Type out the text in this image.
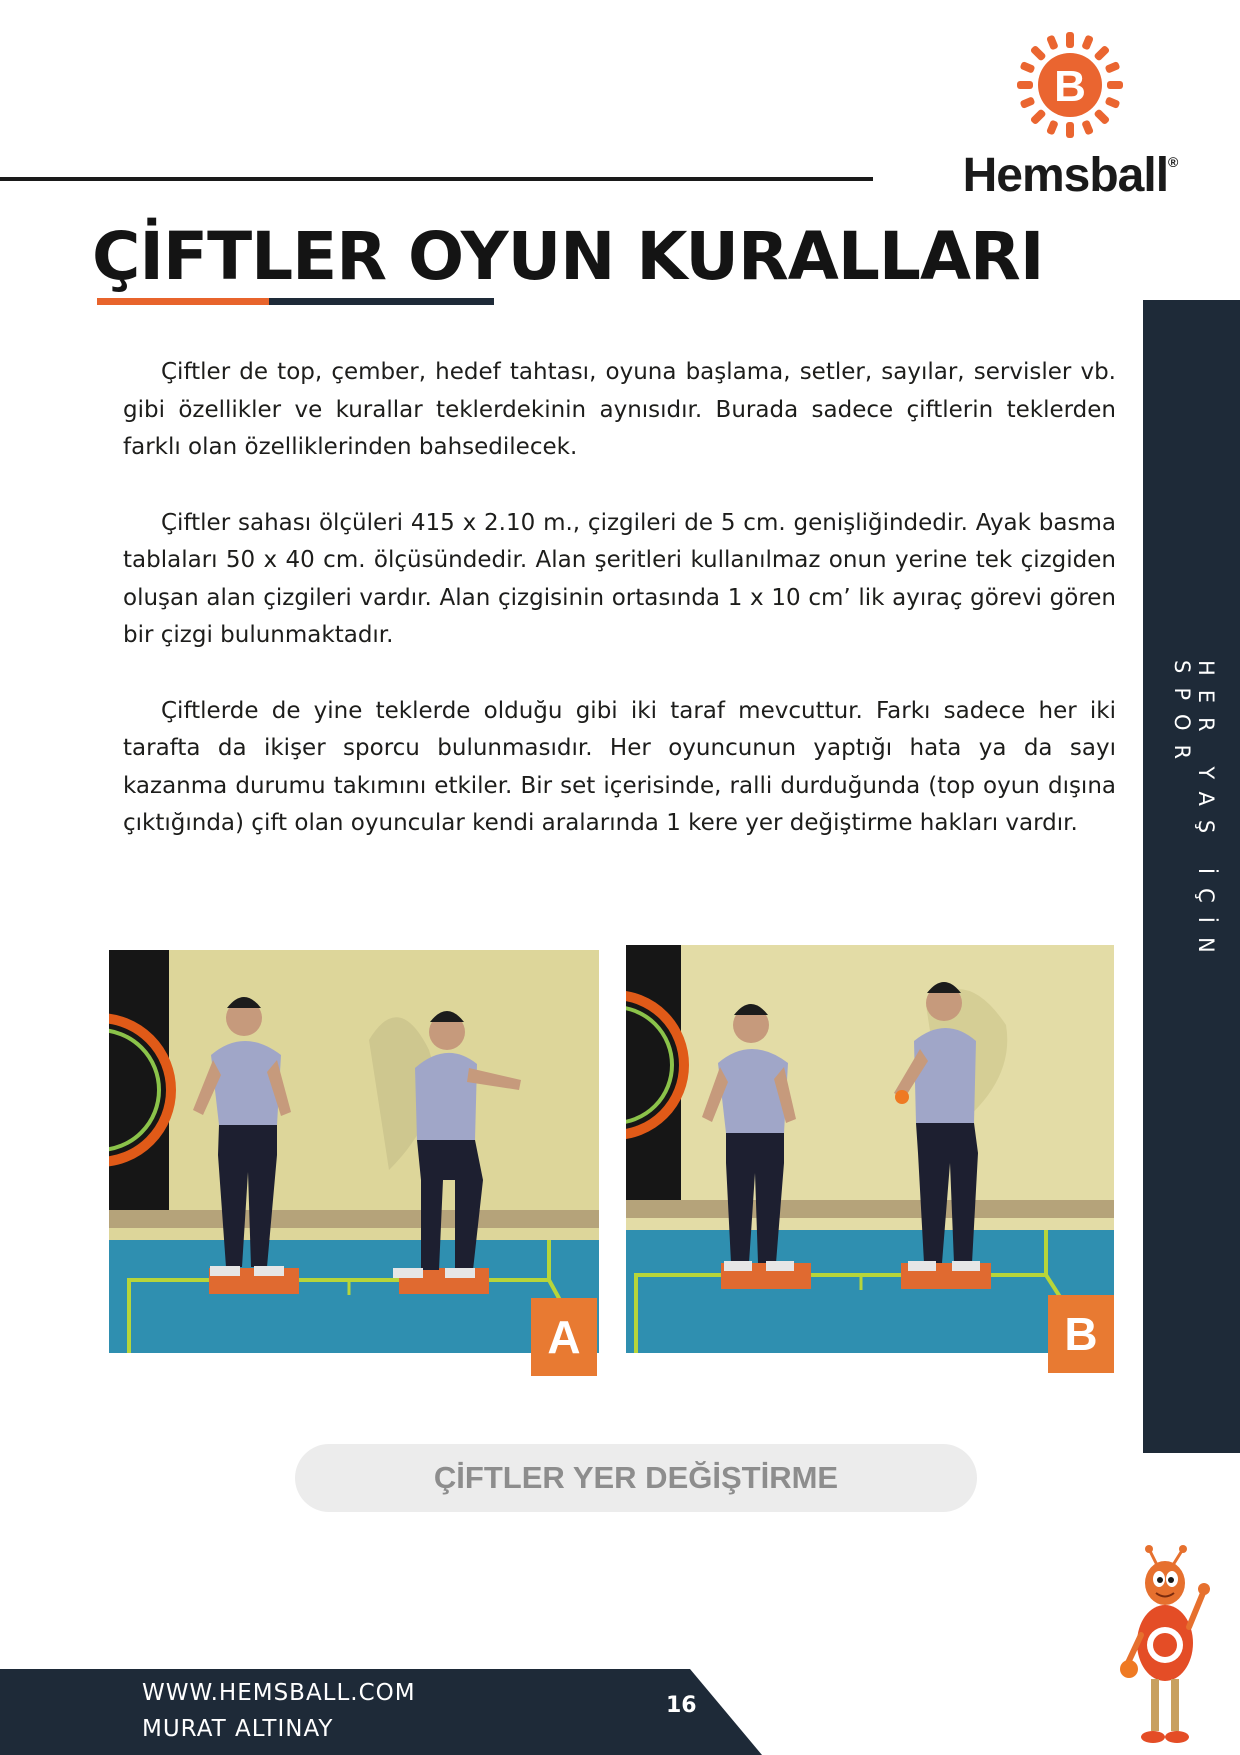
B
Hemsball®
ÇİFTLER OYUN KURALLARI
HER YAŞ İÇİN SPOR

Çiftler de top, çember, hedef tahtası, oyuna başlama, setler, sayılar, servisler vb. gibi özellikler ve kurallar teklerdekinin aynısıdır. Burada sadece çiftlerin teklerden farklı olan özelliklerinden bahsedilecek.

Çiftler sahası ölçüleri 415 x 2.10 m., çizgileri de 5 cm. genişliğindedir. Ayak basma tablaları 50 x 40 cm. ölçüsündedir. Alan şeritleri kullanılmaz onun yerine tek çizgiden oluşan alan çizgileri vardır. Alan çizgisinin ortasında 1 x 10 cm’ lik ayıraç görevi gören bir çizgi bulunmaktadır.

Çiftlerde de yine teklerde olduğu gibi iki taraf mevcuttur. Farkı sadece her iki tarafta da ikişer sporcu bulunmasıdır. Her oyuncunun yaptığı hata ya da sayı kazanma durumu takımını etkiler. Bir set içerisinde, ralli durduğunda (top oyun dışına çıktığında) çift olan oyuncular kendi aralarında 1 kere yer değiştirme hakları vardır.

A	B
ÇİFTLER YER DEĞİŞTİRME
WWW.HEMSBALL.COM
MURAT ALTINAY
16
